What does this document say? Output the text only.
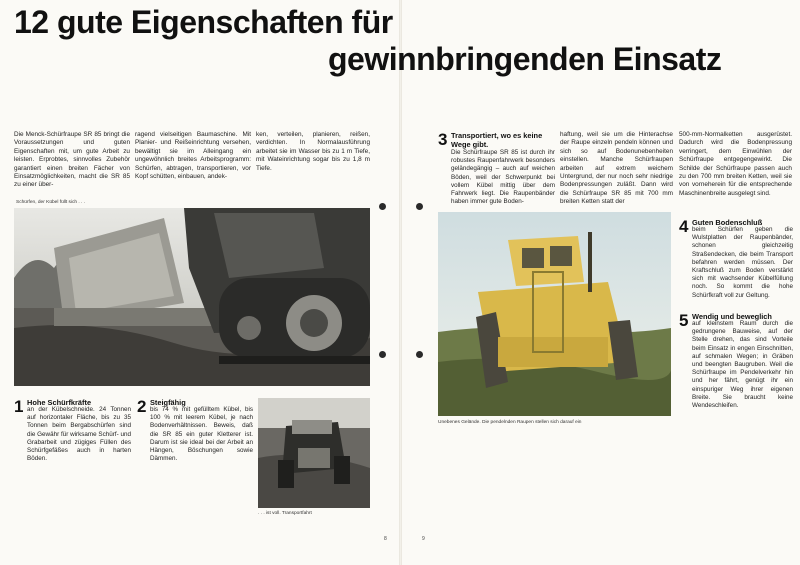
12 gute Eigenschaften für
gewinnbringenden Einsatz
Die Menck-Schürfraupe SR 85 bringt die Voraussetzungen und guten Eigenschaften mit, um gute Arbeit zu leisten. Erprobtes, sinnvolles Zubehör garantiert einen breiten Fächer von Einsatzmöglichkeiten, macht die SR 85 zu einer über-
ragend vielseitigen Baumaschine. Mit Planier- und Reißeinrichtung versehen, bewältigt sie im Alleingang ein ungewöhnlich breites Arbeitsprogramm: Schürfen, abtragen, transportieren, vor Kopf schütten, einbauen, andek-
ken, verteilen, planieren, reißen, verdichten. In Normalausführung arbeitet sie im Wasser bis zu 1 m Tiefe, mit Wateinrichtung sogar bis zu 1,8 m Tiefe.
Schürfen, der Kübel füllt sich . . .
1 Hohe Schürfkräfte
an der Kübelschneide. 24 Tonnen auf horizontaler Fläche, bis zu 35 Tonnen beim Bergabschürfen sind die Gewähr für wirksame Schürf- und Grabarbeit und zügiges Füllen des Schürfgefäßes auch in harten Böden.
2 Steigfähig
bis 74 % mit gefülltem Kübel, bis 100 % mit leerem Kübel, je nach Bodenverhältnissen. Beweis, daß die SR 85 ein guter Kletterer ist. Darum ist sie ideal bei der Arbeit an Hängen, Böschungen sowie Dämmen.
. . . ist voll. Transportfahrt
3 Transportiert, wo es keine Wege gibt.
Die Schürfraupe SR 85 ist durch ihr robustes Raupenfahrwerk besonders geländegängig – auch auf weichen Böden, weil der Schwerpunkt bei vollem Kübel mittig über dem Fahrwerk liegt. Die Raupenbänder haben immer gute Boden-
haftung, weil sie um die Hinterachse der Raupe einzeln pendeln können und sich so auf Bodenunebenheiten einstellen. Manche Schürfraupen arbeiten auf extrem weichem Untergrund, der nur noch sehr niedrige Bodenpressungen zuläßt. Dann wird die Schürfraupe SR 85 mit 700 mm breiten Ketten statt der
500-mm-Normalketten ausgerüstet. Dadurch wird die Bodenpressung verringert, dem Einwühlen der Schürfraupe entgegengewirkt. Die Schilde der Schürfraupe passen auch zu den 700 mm breiten Ketten, weil sie von vorneherein für die entsprechende Maschinenbreite ausgelegt sind.
Unebenes Gelände. Die pendelnden Raupen stellen sich darauf ein
4 Guten Bodenschluß
beim Schürfen geben die Wulstplatten der Raupenbänder, schonen gleichzeitig Straßendecken, die beim Transport befahren werden müssen. Der Kraftschluß zum Boden verstärkt sich mit wachsender Kübelfüllung noch. So kommt die hohe Schürfkraft voll zur Geltung.
5 Wendig und beweglich
auf kleinstem Raum durch die gedrungene Bauweise, auf der Stelle drehen, das sind Vorteile beim Einsatz in engen Einschnitten, auf schmalen Wegen; in Gräben und beengten Baugruben. Weil die Schürfraupe im Pendelverkehr hin und her fährt, genügt ihr ein einspuriger Weg ihrer eigenen Breite. Sie braucht keine Wendeschleifen.
8	9
